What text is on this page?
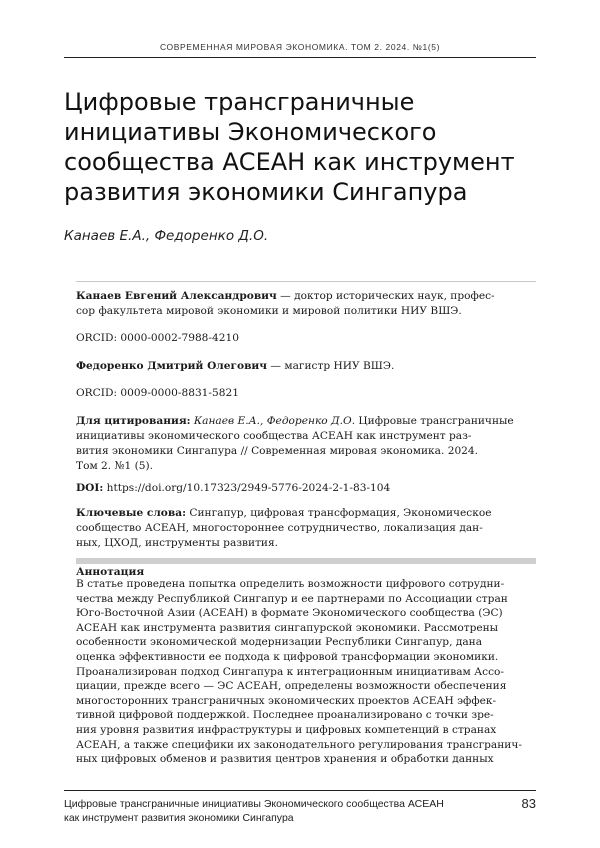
СОВРЕМЕННАЯ МИРОВАЯ ЭКОНОМИКА. ТОМ 2. 2024. №1(5)
Цифровые трансграничные
инициативы Экономического
сообщества АСЕАН как инструмент
развития экономики Сингапура
Канаев Е.А., Федоренко Д.О.

Канаев Евгений Александрович — доктор исторических наук, профес-
сор факультета мировой экономики и мировой политики НИУ ВШЭ.

ORCID: 0000-0002-7988-4210

Федоренко Дмитрий Олегович — магистр НИУ ВШЭ.

ORCID: 0009-0000-8831-5821

Для цитирования: Канаев Е.А., Федоренко Д.О. Цифровые трансграничные
инициативы экономического сообщества АСЕАН как инструмент раз-
вития экономики Сингапура // Современная мировая экономика. 2024.
Том 2. №1 (5).

DOI: https://doi.org/10.17323/2949-5776-2024-2-1-83-104

Ключевые слова: Сингапур, цифровая трансформация, Экономическое
сообщество АСЕАН, многостороннее сотрудничество, локализация дан-
ных, ЦХОД, инструменты развития.

Аннотация
В статье проведена попытка определить возможности цифрового сотрудни-
чества между Республикой Сингапур и ее партнерами по Ассоциации стран
Юго-Восточной Азии (АСЕАН) в формате Экономического сообщества (ЭС)
АСЕАН как инструмента развития сингапурской экономики. Рассмотрены
особенности экономической модернизации Республики Сингапур, дана
оценка эффективности ее подхода к цифровой трансформации экономики.
Проанализирован подход Сингапура к интеграционным инициативам Ассо-
циации, прежде всего — ЭС АСЕАН, определены возможности обеспечения
многосторонних трансграничных экономических проектов АСЕАН эффек-
тивной цифровой поддержкой. Последнее проанализировано с точки зре-
ния уровня развития инфраструктуры и цифровых компетенций в странах
АСЕАН, а также специфики их законодательного регулирования трансгранич-
ных цифровых обменов и развития центров хранения и обработки данных
Цифровые трансграничные инициативы Экономического сообщества АСЕАН
как инструмент развития экономики Сингапура
83
